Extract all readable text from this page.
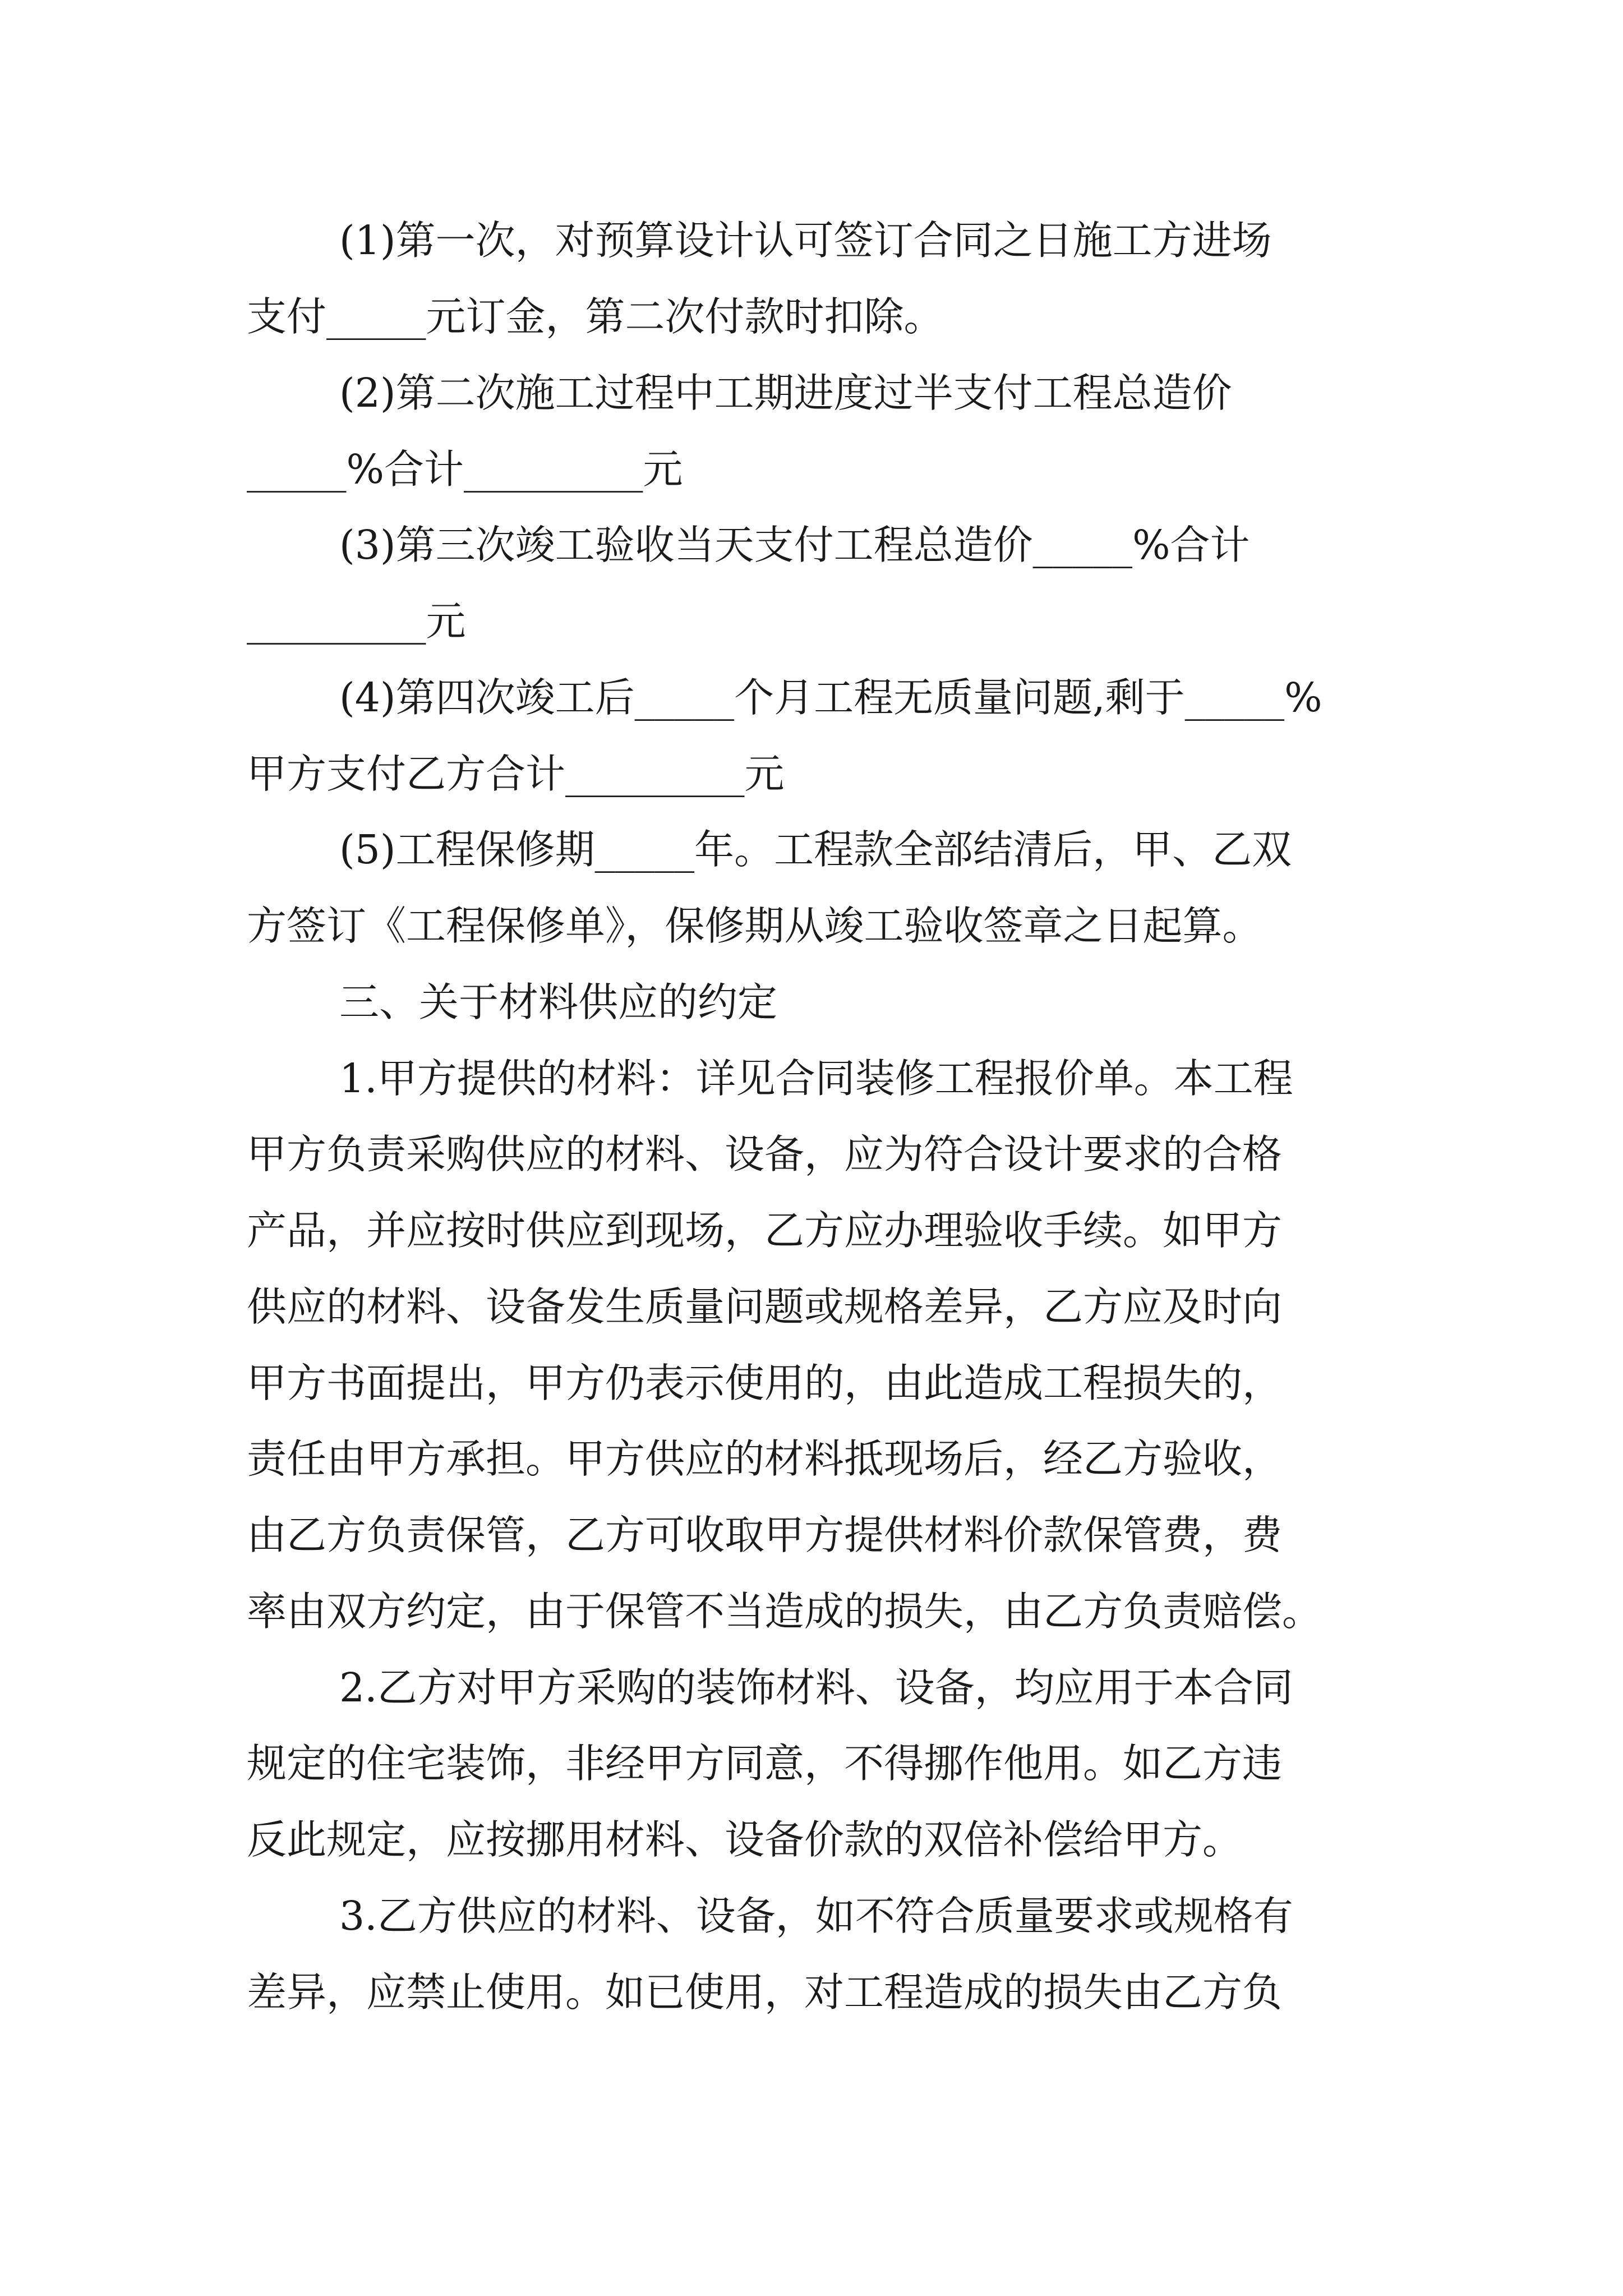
(1)第一次，对预算设计认可签订合同之日施工方进场
支付_____元订金，第二次付款时扣除。
(2)第二次施工过程中工期进度过半支付工程总造价
_____%合计_________元
(3)第三次竣工验收当天支付工程总造价_____%合计
_________元
(4)第四次竣工后_____个月工程无质量问题,剩于_____%
甲方支付乙方合计_________元
(5)工程保修期_____年。工程款全部结清后，甲、乙双
方签订《工程保修单》，保修期从竣工验收签章之日起算。
三、关于材料供应的约定
1.甲方提供的材料：详见合同装修工程报价单。本工程
甲方负责采购供应的材料、设备，应为符合设计要求的合格
产品，并应按时供应到现场，乙方应办理验收手续。如甲方
供应的材料、设备发生质量问题或规格差异，乙方应及时向
甲方书面提出，甲方仍表示使用的，由此造成工程损失的，
责任由甲方承担。甲方供应的材料抵现场后，经乙方验收，
由乙方负责保管，乙方可收取甲方提供材料价款保管费，费
率由双方约定，由于保管不当造成的损失，由乙方负责赔偿。
2.乙方对甲方采购的装饰材料、设备，均应用于本合同
规定的住宅装饰，非经甲方同意，不得挪作他用。如乙方违
反此规定，应按挪用材料、设备价款的双倍补偿给甲方。
3.乙方供应的材料、设备，如不符合质量要求或规格有
差异，应禁止使用。如已使用，对工程造成的损失由乙方负
